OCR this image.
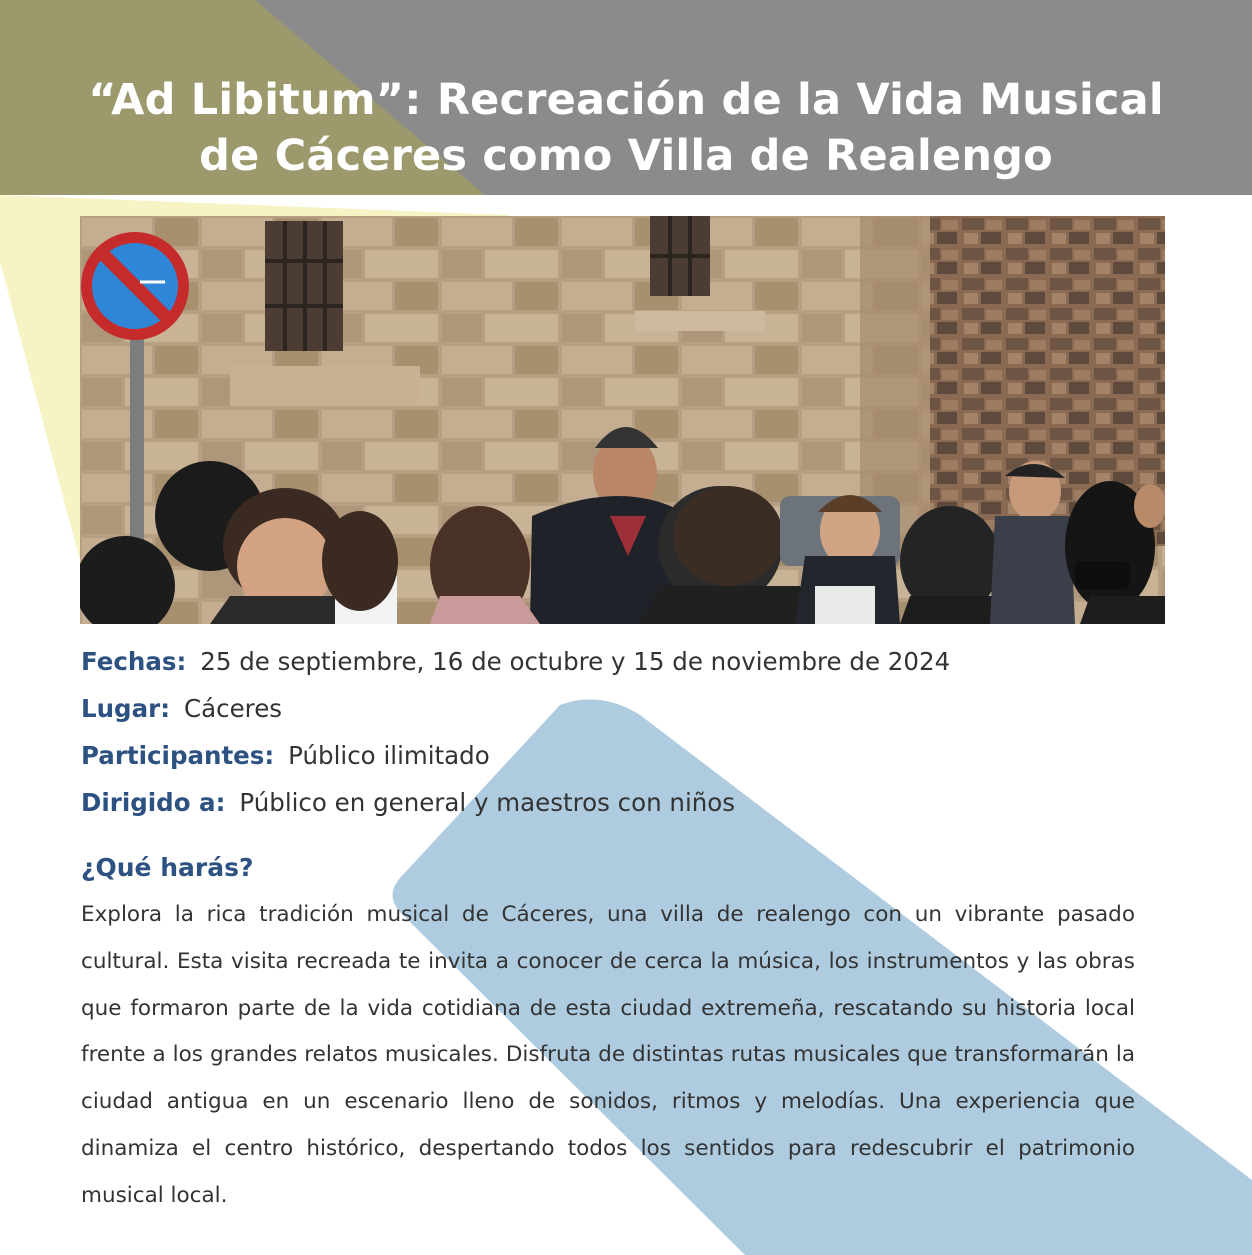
“Ad Libitum”: Recreación de la Vida Musical
de Cáceres como Villa de Realengo
Fechas: 25 de septiembre, 16 de octubre y 15 de noviembre de 2024
Lugar: Cáceres
Participantes: Público ilimitado
Dirigido a: Público en general y maestros con niños
¿Qué harás?

Explora la rica tradición musical de Cáceres, una villa de realengo con un vibrante pasado cultural. Esta visita recreada te invita a conocer de cerca la música, los instrumentos y las obras que formaron parte de la vida cotidiana de esta ciudad extremeña, rescatando su historia local frente a los grandes relatos musicales. Disfruta de distintas rutas musicales que transformarán la ciudad antigua en un escenario lleno de sonidos, ritmos y melodías. Una experiencia que dinamiza el centro histórico, despertando todos los sentidos para redescubrir el patrimonio musical local.
